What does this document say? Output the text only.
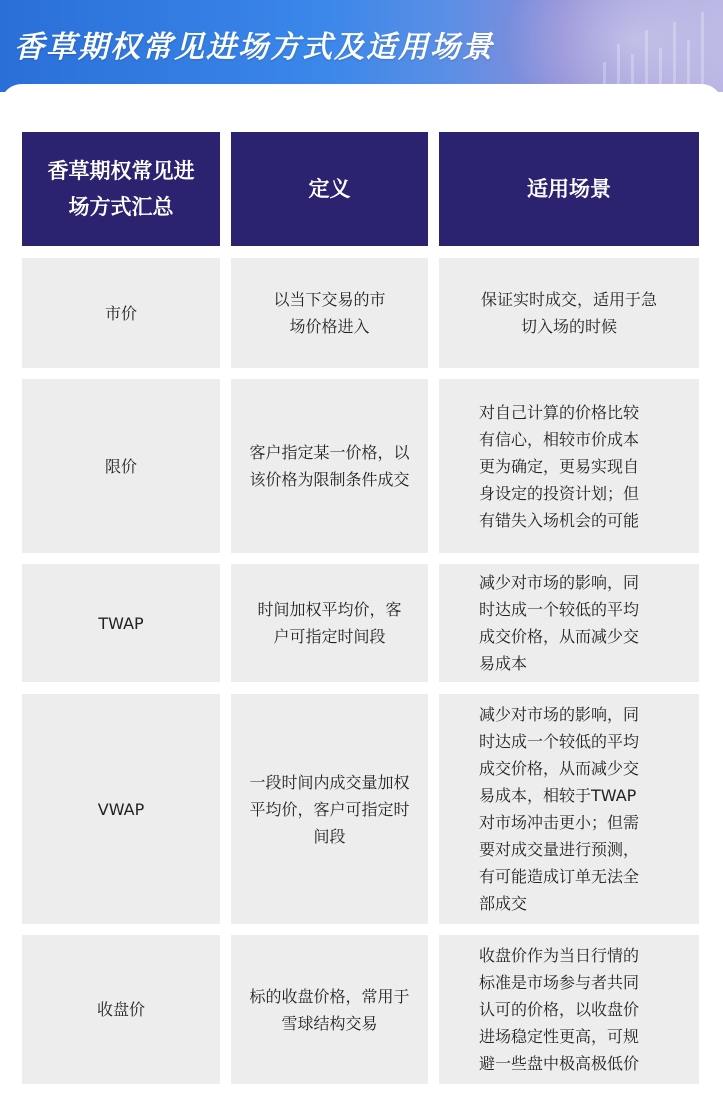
香草期权常见进场方式及适用场景
香草期权常见进场方式汇总
定义	适用场景
市价
以当下交易的市场价格进入
保证实时成交，适用于急切入场的时候
限价
客户指定某一价格，以该价格为限制条件成交
对自己计算的价格比较有信心，相较市价成本更为确定，更易实现自身设定的投资计划；但有错失入场机会的可能
TWAP
时间加权平均价，客户可指定时间段
减少对市场的影响，同时达成一个较低的平均成交价格，从而减少交易成本
VWAP
一段时间内成交量加权平均价，客户可指定时间段
减少对市场的影响，同时达成一个较低的平均成交价格，从而减少交易成本，相较于TWAP对市场冲击更小；但需要对成交量进行预测，有可能造成订单无法全部成交
收盘价
标的收盘价格，常用于雪球结构交易
收盘价作为当日行情的标准是市场参与者共同认可的价格，以收盘价进场稳定性更高，可规避一些盘中极高极低价
